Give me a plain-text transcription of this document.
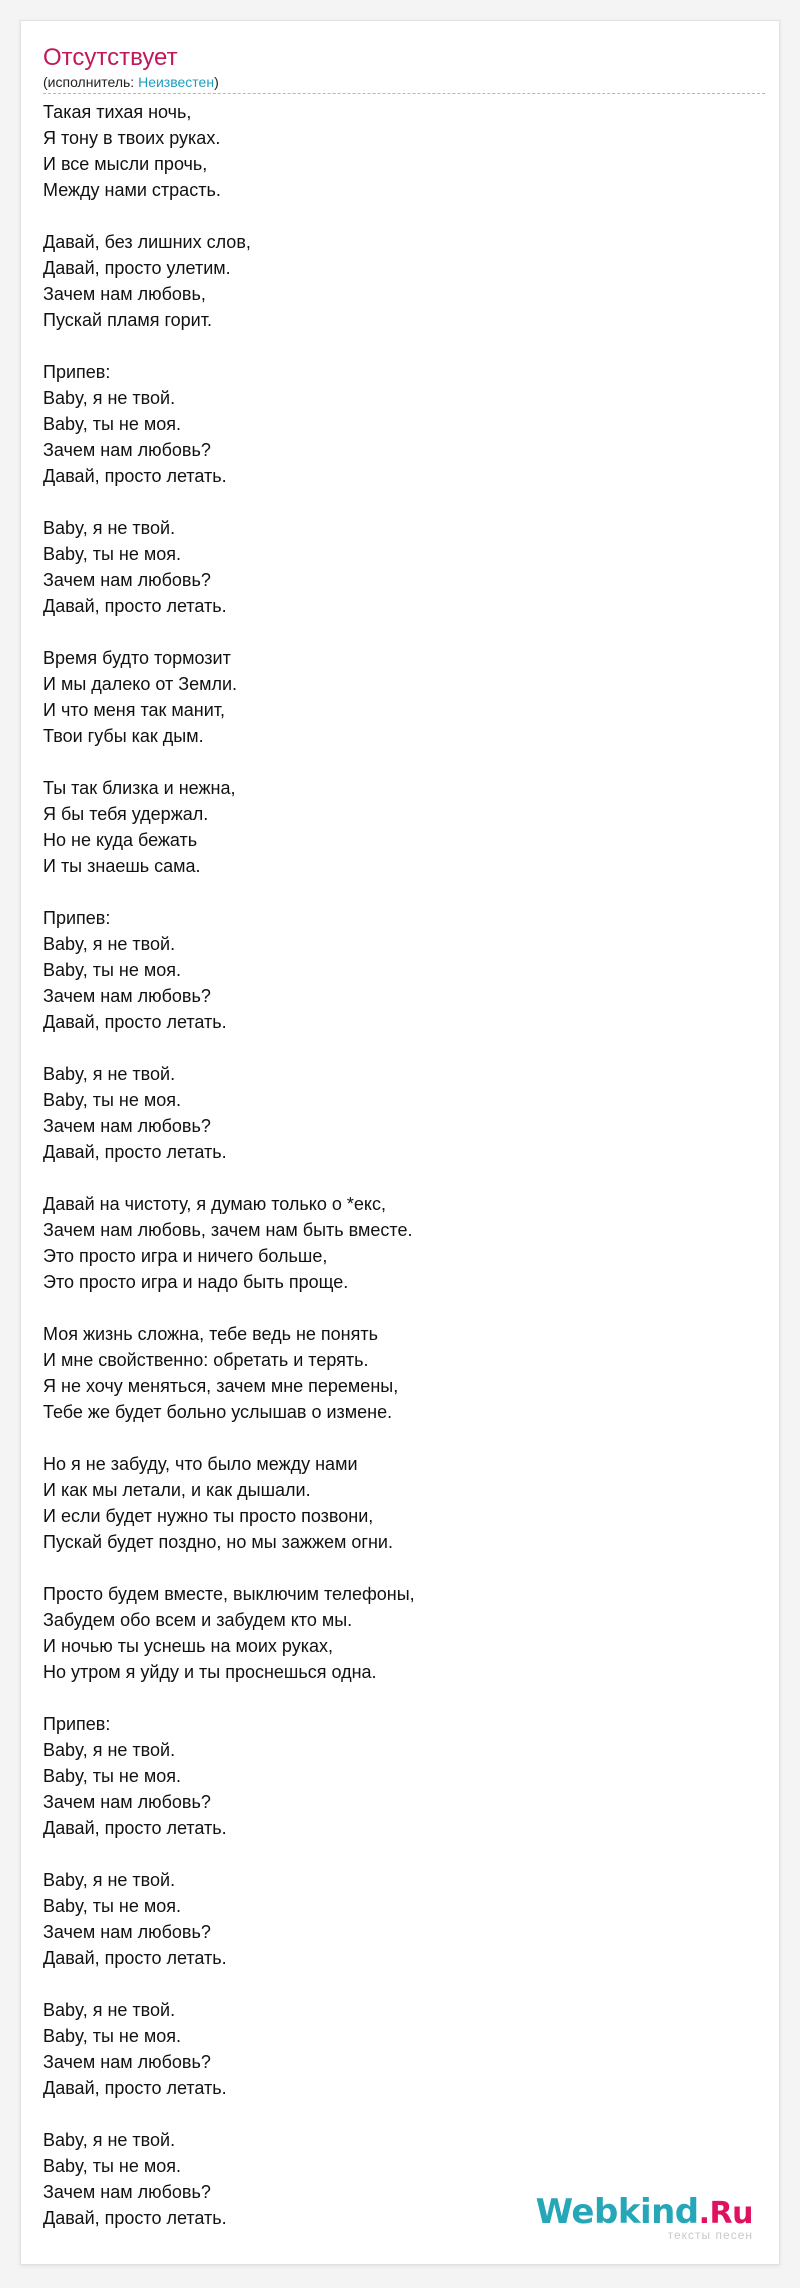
Отсутствует
(исполнитель: Неизвестен)
Такая тихая ночь,
Я тону в твоих руках.
И все мысли прочь,
Между нами страсть.
Давай, без лишних слов,
Давай, просто улетим.
Зачем нам любовь,
Пускай пламя горит.
Припев:
Baby, я не твой.
Baby, ты не моя.
Зачем нам любовь?
Давай, просто летать.
Baby, я не твой.
Baby, ты не моя.
Зачем нам любовь?
Давай, просто летать.
Время будто тормозит
И мы далеко от Земли.
И что меня так манит,
Твои губы как дым.
Ты так близка и нежна,
Я бы тебя удержал.
Но не куда бежать
И ты знаешь сама.
Припев:
Baby, я не твой.
Baby, ты не моя.
Зачем нам любовь?
Давай, просто летать.
Baby, я не твой.
Baby, ты не моя.
Зачем нам любовь?
Давай, просто летать.
Давай на чистоту, я думаю только о *екс,
Зачем нам любовь, зачем нам быть вместе.
Это просто игра и ничего больше,
Это просто игра и надо быть проще.
Моя жизнь сложна, тебе ведь не понять
И мне свойственно: обретать и терять.
Я не хочу меняться, зачем мне перемены,
Тебе же будет больно услышав о измене.
Но я не забуду, что было между нами
И как мы летали, и как дышали.
И если будет нужно ты просто позвони,
Пускай будет поздно, но мы зажжем огни.
Просто будем вместе, выключим телефоны,
Забудем обо всем и забудем кто мы.
И ночью ты уснешь на моих руках,
Но утром я уйду и ты проснешься одна.
Припев:
Baby, я не твой.
Baby, ты не моя.
Зачем нам любовь?
Давай, просто летать.
Baby, я не твой.
Baby, ты не моя.
Зачем нам любовь?
Давай, просто летать.
Baby, я не твой.
Baby, ты не моя.
Зачем нам любовь?
Давай, просто летать.
Baby, я не твой.
Baby, ты не моя.
Зачем нам любовь?
Давай, просто летать.	Webkind.Ru
тексты песен
